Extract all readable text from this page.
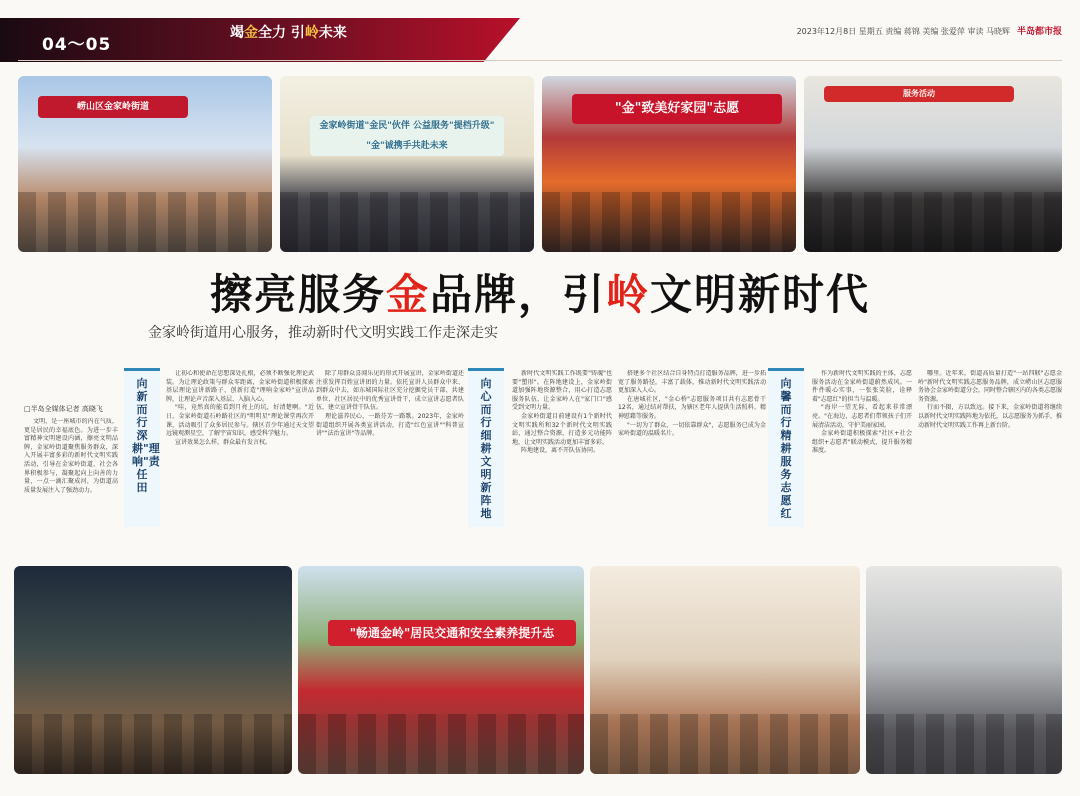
04～05
竭金全力 引岭未来	2023年12月8日 星期五 责编 蒋锦 美编 张爱萍 审读 马晓辉 半岛都市报
崂山区金家岭街道
金家岭街道"金民"伙伴 公益服务"提档升级" "金"诚携手共赴未来
"金"致美好家园"志愿
服务活动
擦亮服务金品牌，引岭文明新时代
金家岭街道用心服务，推动新时代文明实践工作走深走实
向新而行 深耕"理响"责任田
向心而行 细耕文明新阵地
向馨而行 精耕服务志愿红
□半岛全媒体记者 高晓飞

文明，是一座城市的内在气质，更是居民的幸福底色。为进一步丰富精神文明建设内涵，擦亮文明品牌，金家岭街道聚焦服务群众，深入开展丰富多彩的新时代文明实践活动，引导在金家岭街道、社会各界积极参与，凝聚起向上向善的力量，一点一滴汇聚成河，为街道高质量发展注入了强劲动力。

让初心和使命在思想深处扎根，必须不断强化理论武装。为让理论政策与群众零距离，金家岭街道积极探索基层理论宣讲新路子，创新打造"理响金家岭"宣讲品牌，让理论声音深入基层、入脑入心。

"哇，竟然真的能看到月亮上的坑，好清楚啊。"近日，金家岭街道石岭路社区的"明明星"理论课堂再次开课，活动吸引了众多居民参与。辖区青少年通过天文望远镜观测星空，了解宇宙知识，感受科学魅力。

宣讲效果怎么样，群众最有发言权。

除了用群众喜闻乐见的形式开展宣讲，金家岭街道还注重发挥百姓宣讲团的力量。依托宣讲人员群众中来、到群众中去，如东城国际社区充分挖掘党员干部、共建单位、社区居民中的优秀宣讲骨干，成立宣讲志愿者队伍，建立宣讲骨干队伍。

理论滋养民心，一路芬芳一路歌。2023年，金家岭街道组织开展各类宣讲活动，打造"红色宣讲""科普宣讲""法治宣讲"等品牌。

新时代文明实践工作既要"铸魂"也要"塑形"。在阵地建设上，金家岭街道加强阵地资源整合，用心打造志愿服务队伍，让金家岭人在"家门口"感受到文明力量。

金家岭街道目前建设有1个新时代文明实践所和32个新时代文明实践站，通过整合资源，打造多元功能阵地，让文明实践活动更加丰富多彩。

阵地建设，离不开队伍协同。

搭建多个社区结合自身特点打造服务品牌，进一步拓宽了服务路径，丰富了载体，推动新时代文明实践活动更加深入人心。

在唐城社区，"金心桥"志愿服务项目共有志愿骨干12名，通过结对帮扶，为辖区老年人提供生活照料、精神慰藉等服务。

"一切为了群众、一切依靠群众"，志愿服务已成为金家岭街道的温暖名片。

作为新时代文明实践的主体，志愿服务活动在金家岭街道蔚然成风。一件件暖心实事，一张张笑脸，诠释着"志愿红"的担当与温暖。

"海岸一望无际，看起来非常漂亮。"在海边，志愿者们带领孩子们开展清洁活动，守护美丽家园。

金家岭街道积极探索"社区+社会组织+志愿者"联动模式，提升服务精准度。

哪里。近年来，街道高质量打造"一站四联"志愿金岭"新时代文明实践志愿服务品牌，成立崂山区志愿服务协会金家岭街道分会，同时整合辖区内的各类志愿服务资源。

行而不辍，方以致远。接下来，金家岭街道将继续以新时代文明实践阵地为依托，以志愿服务为抓手，推动新时代文明实践工作再上新台阶。

"畅通金岭"居民交通和安全素养提升志
